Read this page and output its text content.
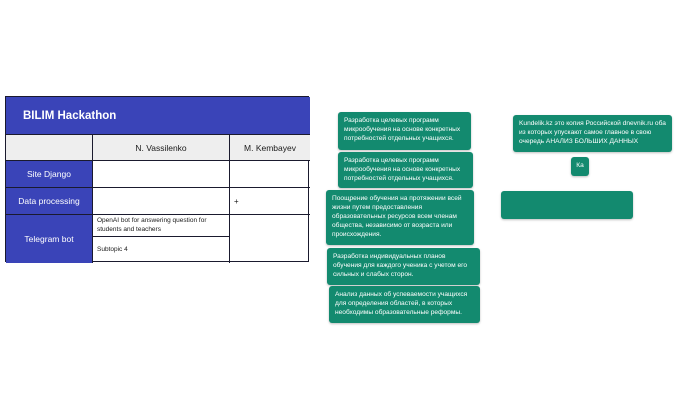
BILIM Hackathon
N. Vassilenko	M. Kembayev
Site Django
Data processing	+
Telegram bot
OpenAI bot for answering question for students and teachers
Subtopic 4
Разработка целевых программ микрообучения на основе конкретных потребностей отдельных учащихся.
Разработка целевых программ микрообучения на основе конкретных потребностей отдельных учащихся.
Поощрение обучения на протяжении всей жизни путем предоставления образовательных ресурсов всем членам общества, независимо от возраста или происхождения.
Разработка индивидуальных планов обучения для каждого ученика с учетом его сильных и слабых сторон.
Анализ данных об успеваемости учащихся для определения областей, в которых необходимы образовательные реформы.
Kundelik.kz это копия Российской dnevnik.ru оба из которых упускают самое главное в свою очередь АНАЛИЗ БОЛЬШИХ ДАННЫХ
Ка
